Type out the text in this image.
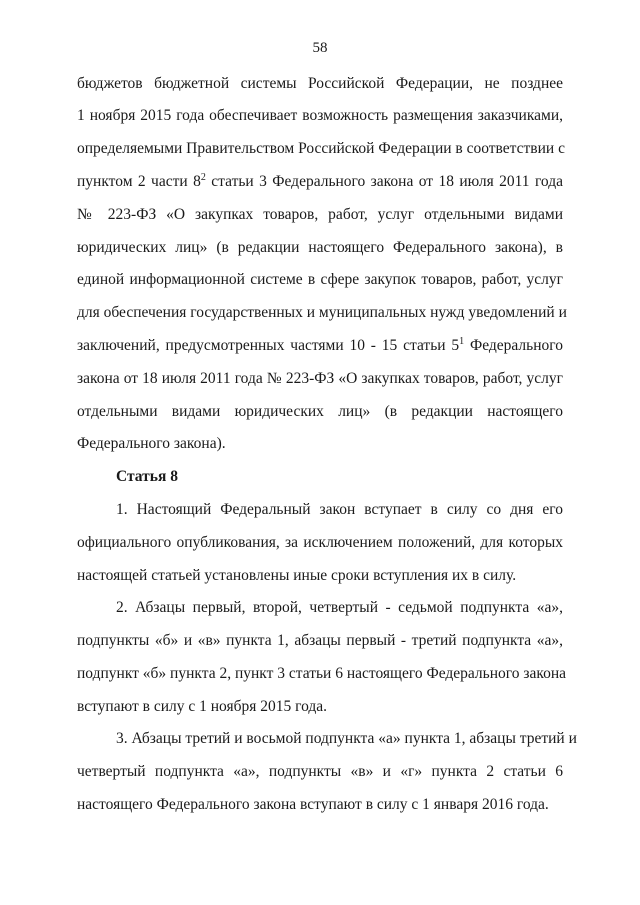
58
бюджетов бюджетной системы Российской Федерации, не позднее
1 ноября 2015 года обеспечивает возможность размещения заказчиками,
определяемыми Правительством Российской Федерации в соответствии с
пунктом 2 части $8^2$ статьи 3 Федерального закона от 18 июля 2011 года
№ 223-ФЗ «О закупках товаров, работ, услуг отдельными видами
юридических лиц» (в редакции настоящего Федерального закона), в
единой информационной системе в сфере закупок товаров, работ, услуг
для обеспечения государственных и муниципальных нужд уведомлений и
заключений, предусмотренных частями 10 - 15 статьи $5^1$ Федерального
закона от 18 июля 2011 года № 223-ФЗ «О закупках товаров, работ, услуг
отдельными видами юридических лиц» (в редакции настоящего
Федерального закона).
Статья 8
1. Настоящий Федеральный закон вступает в силу со дня его
официального опубликования, за исключением положений, для которых
настоящей статьей установлены иные сроки вступления их в силу.
2. Абзацы первый, второй, четвертый - седьмой подпункта «а»,
подпункты «б» и «в» пункта 1, абзацы первый - третий подпункта «а»,
подпункт «б» пункта 2, пункт 3 статьи 6 настоящего Федерального закона
вступают в силу с 1 ноября 2015 года.
3. Абзацы третий и восьмой подпункта «а» пункта 1, абзацы третий и
четвертый подпункта «а», подпункты «в» и «г» пункта 2 статьи 6
настоящего Федерального закона вступают в силу с 1 января 2016 года.
